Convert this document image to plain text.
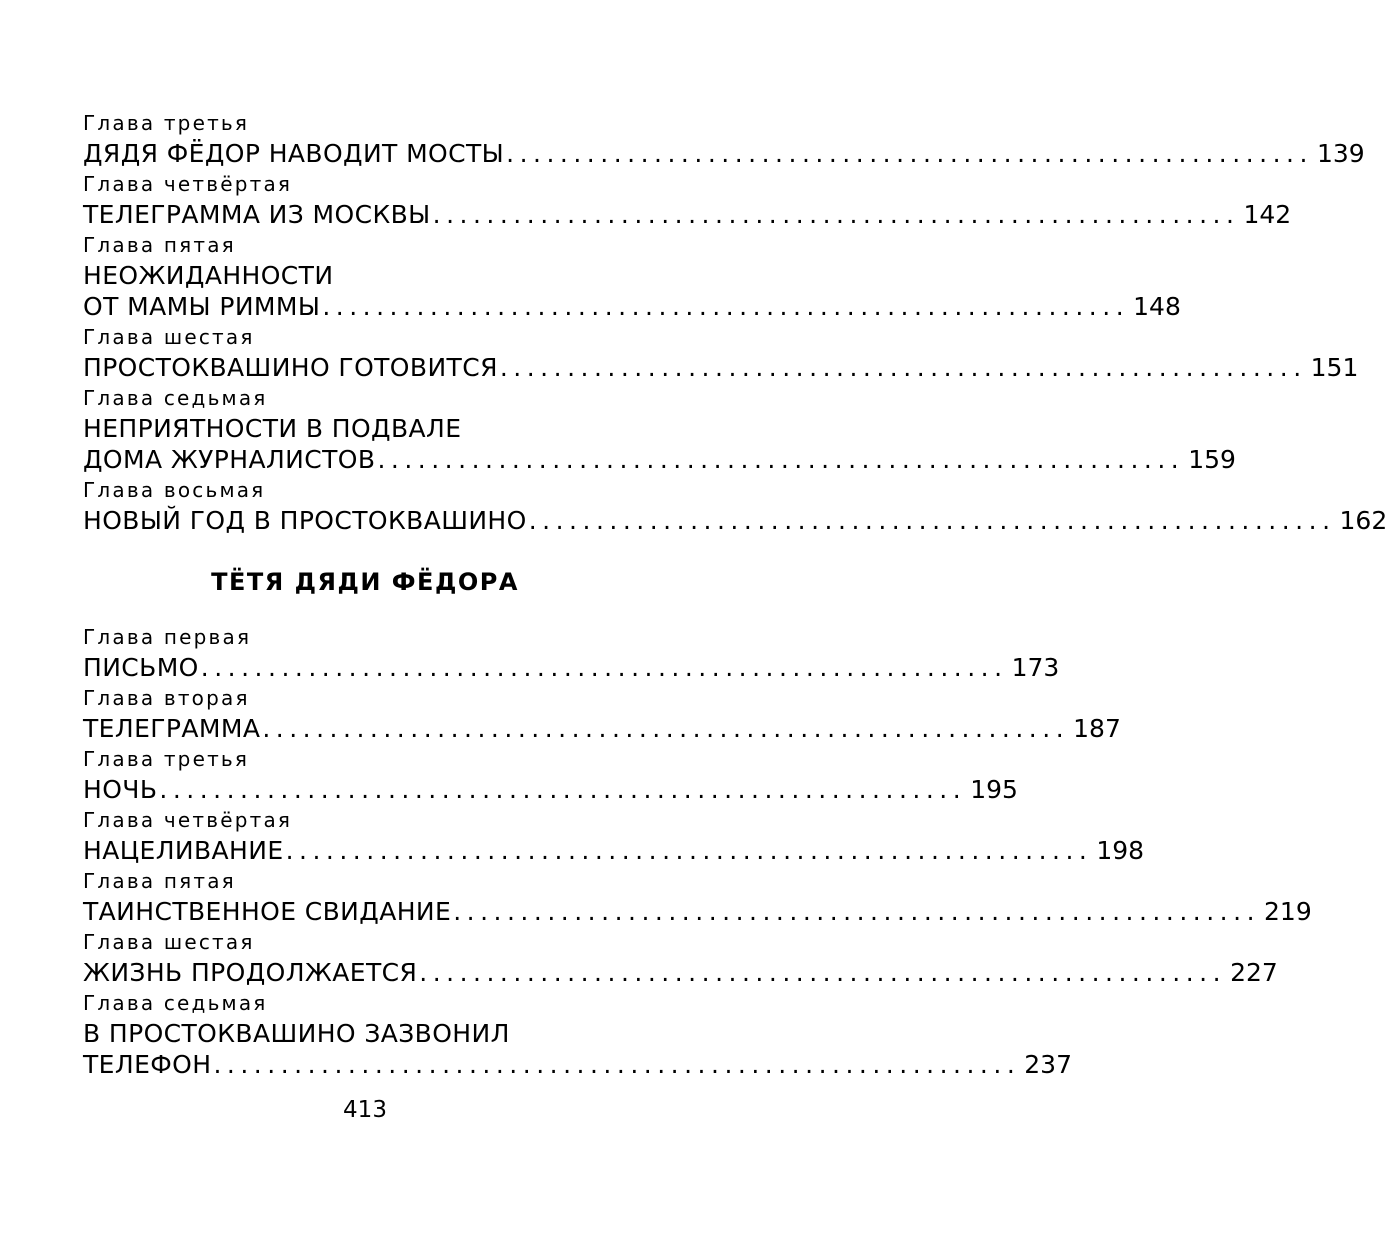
Глава третья
ДЯДЯ ФЁДОР НАВОДИТ МОСТЫ ............................................................ 139
Глава четвёртая
ТЕЛЕГРАММА ИЗ МОСКВЫ ............................................................ 142
Глава пятая
НЕОЖИДАННОСТИ
ОТ МАМЫ РИММЫ ............................................................ 148
Глава шестая
ПРОСТОКВАШИНО ГОТОВИТСЯ ............................................................ 151
Глава седьмая
НЕПРИЯТНОСТИ В ПОДВАЛЕ
ДОМА ЖУРНАЛИСТОВ ............................................................ 159
Глава восьмая
НОВЫЙ ГОД В ПРОСТОКВАШИНО ............................................................ 162
ТЁТЯ ДЯДИ ФЁДОРА
Глава первая
ПИСЬМО ............................................................ 173
Глава вторая
ТЕЛЕГРАММА ............................................................ 187
Глава третья
НОЧЬ ............................................................ 195
Глава четвёртая
НАЦЕЛИВАНИЕ ............................................................ 198
Глава пятая
ТАИНСТВЕННОЕ СВИДАНИЕ ............................................................ 219
Глава шестая
ЖИЗНЬ ПРОДОЛЖАЕТСЯ ............................................................ 227
Глава седьмая
В ПРОСТОКВАШИНО ЗАЗВОНИЛ
ТЕЛЕФОН ............................................................ 237
413
